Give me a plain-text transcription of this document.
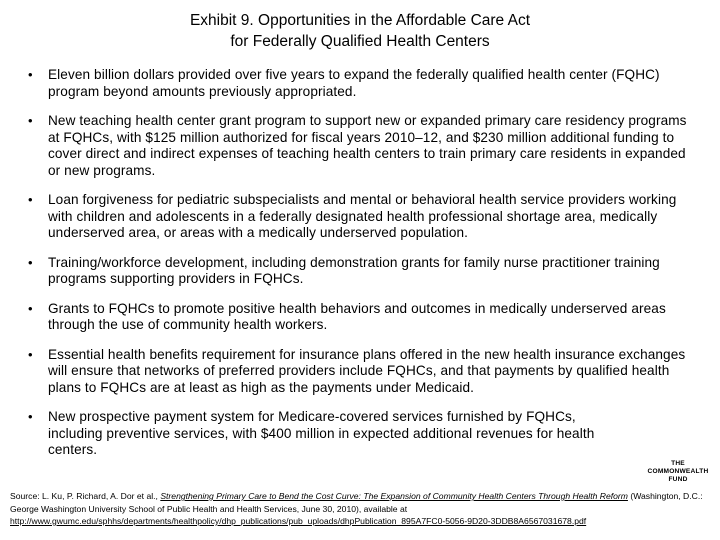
Exhibit 9. Opportunities in the Affordable Care Act
for Federally Qualified Health Centers
• Eleven billion dollars provided over five years to expand the federally qualified health center (FQHC) program beyond amounts previously appropriated.
• New teaching health center grant program to support new or expanded primary care residency programs at FQHCs, with $125 million authorized for fiscal years 2010–12, and $230 million additional funding to cover direct and indirect expenses of teaching health centers to train primary care residents in expanded or new programs.
• Loan forgiveness for pediatric subspecialists and mental or behavioral health service providers working with children and adolescents in a federally designated health professional shortage area, medically underserved area, or areas with a medically underserved population.
• Training/workforce development, including demonstration grants for family nurse practitioner training programs supporting providers in FQHCs.
• Grants to FQHCs to promote positive health behaviors and outcomes in medically underserved areas through the use of community health workers.
• Essential health benefits requirement for insurance plans offered in the new health insurance exchanges will ensure that networks of preferred providers include FQHCs, and that payments by qualified health plans to FQHCs are at least as high as the payments under Medicaid.
• New prospective payment system for Medicare-covered services furnished by FQHCs, including preventive services, with $400 million in expected additional revenues for health centers.
THE
COMMONWEALTH
FUND
Source: L. Ku, P. Richard, A. Dor et al., Strengthening Primary Care to Bend the Cost Curve: The Expansion of Community Health Centers Through Health Reform (Washington, D.C.: George Washington University School of Public Health and Health Services, June 30, 2010), available at http://www.gwumc.edu/sphhs/departments/healthpolicy/dhp_publications/pub_uploads/dhpPublication_895A7FC0-5056-9D20-3DDB8A6567031678.pdf
